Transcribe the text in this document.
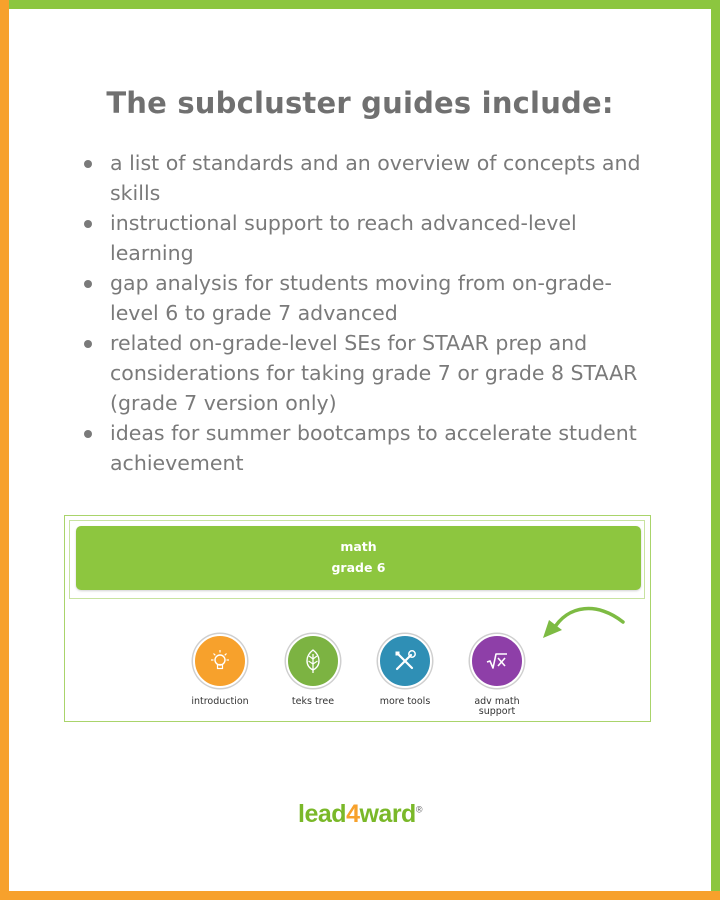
The subcluster guides include:
a list of standards and an overview of concepts and skills
instructional support to reach advanced-level learning
gap analysis for students moving from on-grade-level 6 to grade 7 advanced
related on-grade-level SEs for STAAR prep and considerations for taking grade 7 or grade 8 STAAR (grade 7 version only)
ideas for summer bootcamps to accelerate student achievement
math
grade 6
introduction	teks tree	more tools	adv math support
lead4ward®
